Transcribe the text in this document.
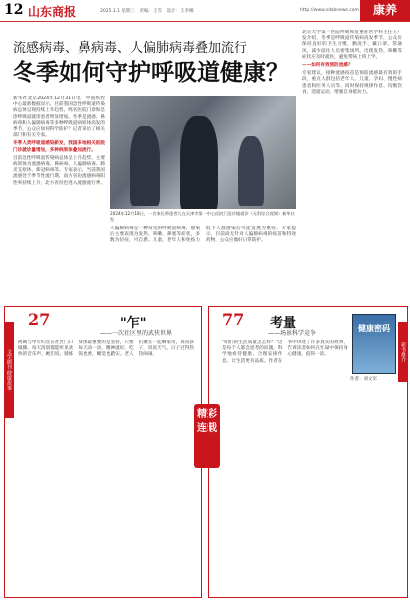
12 山东商报	2025.1.1 星期三　责编：王雪　设计：王李娜	http://www.sdsbnews.com	康养
流感病毒、鼻病毒、人偏肺病毒叠加流行
冬季如何守护呼吸道健康？
新华社北京2024年12月31日电　中国疾控中心最新数据显示，目前我国急性呼吸道传染病总体呈现持续上升趋势，鸣名医院门诊和急诊呼吸道就诊患者明显增加。冬季是流感、鼻病毒和人偏肺病毒等多种呼吸道病原体高发的季节，公众应如何科学防护？记者采访了相关部门和有关专家。
冬季人类呼吸道感染新发，我国多地相关医院门诊就诊量增加，多种病原体叠加流行。
目前急性呼吸道传染病总体呈上升趋势，主要病原体为流感病毒、鼻病毒、人偏肺病毒、肺炎支原体、新冠病毒等。专家表示，当前我国流感处于季节性流行期，南方省份流感病毒阳性率持续上升，北方省份也进入流感流行季。
2024年12月18日，一名家长带患者儿在天津市第一中心医院门急诊楼就诊（无科综合视频）新华社发
人偏肺病毒是一种常见的呼吸道病毒，感染后主要表现为发热、咳嗽、鼻塞等症状，多数为轻症，可自愈。儿童、老年人和免疫力低下人群感染后可能发展为重症。专家提示，目前尚无针对人偏肺病毒的疫苗和特效药物，公众应做好日常防护。
北京大学第一医院呼吸和危重症医学科主任王广发介绍，冬季是呼吸道传染病高发季节，公众应保持良好的卫生习惯，勤洗手、戴口罩、常通风，减少前往人员密集场所。出现发热、咳嗽等症状应及时就医，避免带病上班上学。
——如何有效预防流感？
专家建议，接种流感疫苗是预防流感最有效的手段，重点人群包括老年人、儿童、孕妇、慢性病患者和医务人员等。同时保持规律作息、均衡饮食、适量运动，增强自身抵抗力。
文学副刊·健康故事
27	"乍"
——一次社区里的武侠世界
阿姨与中年妇女在社区门口做操，每天清晨都能听见欢快的音乐声。她们说，锻炼身体最重要的是坚持，只要每天动一动，精神就好，吃饭也香，睡觉也踏实。老人们聚在一起聊家常，说说孩子，说说天气，日子过得热热闹闹。
精彩连载
新书推介
77 考量
——场景科学竞争
健康密码
作者：刘文军
"咱们的生活质量怎么样？"这是每个人都会思考的问题。科学地看待健康，合理安排作息，让生活更有品质。作者在书中讲述了许多真实的故事，告诉读者如何在忙碌中保持身心健康，值得一读。
